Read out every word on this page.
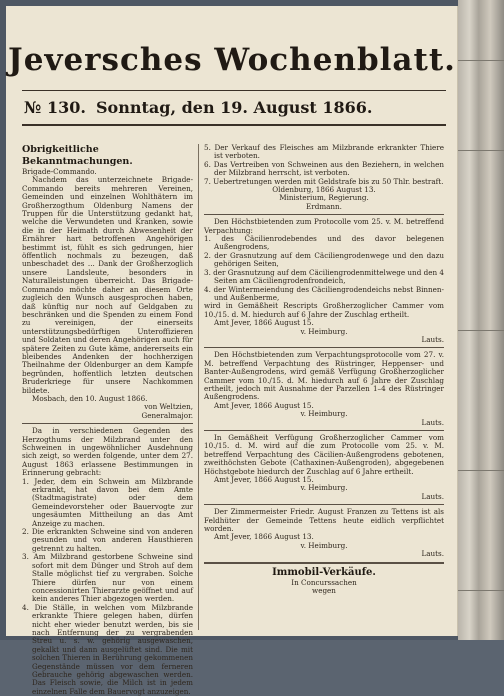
Jeversches Wochenblatt.
№ 130. Sonntag, den 19. August 1866.
Obrigkeitliche Bekanntmachungen.
Brigade-Commando.

Nachdem das unterzeichnete Brigade-Commando bereits mehreren Vereinen, Gemeinden und einzelnen Wohlthätern im Großherzogthum Oldenburg Namens der Truppen für die Unterstützung gedankt hat, welche die Verwundeten und Kranken, sowie die in der Heimath durch Abwesenheit der Ernährer hart betroffenen Angehörigen bestimmt ist, fühlt es sich gedrungen, hier öffentlich nochmals zu bezeugen, daß unbeschadet des ... Dank der Großherzoglich unsere Landsleute, besonders in Naturalleistungen überreicht. Das Brigade-Commando möchte daher an diesem Orte zugleich den Wunsch ausgesprochen haben, daß künftig nur noch auf Geldgaben zu beschränken und die Spenden zu einem Fond zu vereinigen, der einerseits unterstützungsbedürftigen Unteroffizieren und Soldaten und deren Angehörigen auch für spätere Zeiten zu Gute käme, andererseits ein bleibendes Andenken der hochherzigen Theilnahme der Oldenburger an dem Kampfe begründen, hoffentlich letzten deutschen Bruderkriege für unsere Nachkommen bildete.

Mosbach, den 10. August 1866.

von Weltzien,

Generalmajor.

Da in verschiedenen Gegenden des Herzogthums der Milzbrand unter den Schweinen in ungewöhnlicher Ausdehnung sich zeigt, so werden folgende, unter dem 27. August 1863 erlassene Bestimmungen in Erinnerung gebracht:

1. Jeder, dem ein Schwein am Milzbrande erkrankt, hat davon bei dem Amte (Stadtmagistrate) oder dem Gemeindevorsteher oder Bauervogte zur ungesäumten Mittheilung an das Amt Anzeige zu machen.
2. Die erkrankten Schweine sind von anderen gesunden und von anderen Hausthieren getrennt zu halten.
3. Am Milzbrand gestorbene Schweine sind sofort mit dem Dünger und Stroh auf dem Stalle möglichst tief zu vergraben. Solche Thiere dürfen nur von einem concessionirten Thierarzte geöffnet und auf kein anderes Thier abgezogen werden.
4. Die Ställe, in welchen vom Milzbrande erkrankte Thiere gelegen haben, dürfen nicht eher wieder benutzt werden, bis sie nach Entfernung der zu vergrabenden Streu u. s. w. gehörig ausgewaschen, gekalkt und dann ausgelüftet sind. Die mit solchen Thieren in Berührung gekommenen Gegenstände müssen vor dem ferneren Gebrauche gehörig abgewaschen werden. Das Fleisch sowie, die Milch ist in jedem einzelnen Falle dem Bauervogt anzuzeigen.
5. Der Verkauf des Fleisches am Milzbrande erkrankter Thiere ist verboten.
6. Das Vertreiben von Schweinen aus den Beziehern, in welchen der Milzbrand herrscht, ist verboten.
7. Uebertretungen werden mit Geldstrafe bis zu 50 Thlr. bestraft.

Oldenburg, 1866 August 13.

Ministerium, Regierung.

Erdmann.

Den Höchstbietenden zum Protocolle vom 25. v. M. betreffend Verpachtung:

1. des Cäcilienrodebendes und des davor belegenen Außengrodens,
2. der Grasnutzung auf dem Cäciliengrodenwege und den dazu gehörigen Seiten,
3. der Grasnutzung auf dem Cäciliengrodenmittelwege und den 4 Seiten am Cäciliengrodenfrondeich,
4. der Wintermeiendung des Cäciliengrodendeichs nebst Binnen- und Außenberme,

wird in Gemäßheit Rescripts Großherzoglicher Cammer vom 10./15. d. M. hiedurch auf 6 Jahre der Zuschlag ertheilt.

Amt Jever, 1866 August 15.

v. Heimburg.

Lauts.

Den Höchstbietenden zum Verpachtungsprotocolle vom 27. v. M. betreffend Verpachtung des Rüstringer, Heppenser- und Banter-Außengrodens, wird gemäß Verfügung Großherzoglicher Cammer vom 10./15. d. M. hiedurch auf 6 Jahre der Zuschlag ertheilt, jedoch mit Ausnahme der Parzellen 1–4 des Rüstringer Außengrodens.

Amt Jever, 1866 August 15.

v. Heimburg.

Lauts.

In Gemäßheit Verfügung Großherzoglicher Cammer vom 10./15. d. M. wird auf die zum Protocolle vom 25. v. M. betreffend Verpachtung des Cäcilien-Außengrodens gebotenen, zweithöchsten Gebote (Cathaxinen-Außengroden), abgegebenen Höchstgebote hiedurch der Zuschlag auf 6 Jahre ertheilt.

Amt Jever, 1866 August 15.

v. Heimburg.

Lauts.

Der Zimmermeister Friedr. August Franzen zu Tettens ist als Feldhüter der Gemeinde Tettens heute eidlich verpflichtet worden.

Amt Jever, 1866 August 13.

v. Heimburg.

Lauts.

Immobil-Verkäufe.

In Concurssachen

wegen
